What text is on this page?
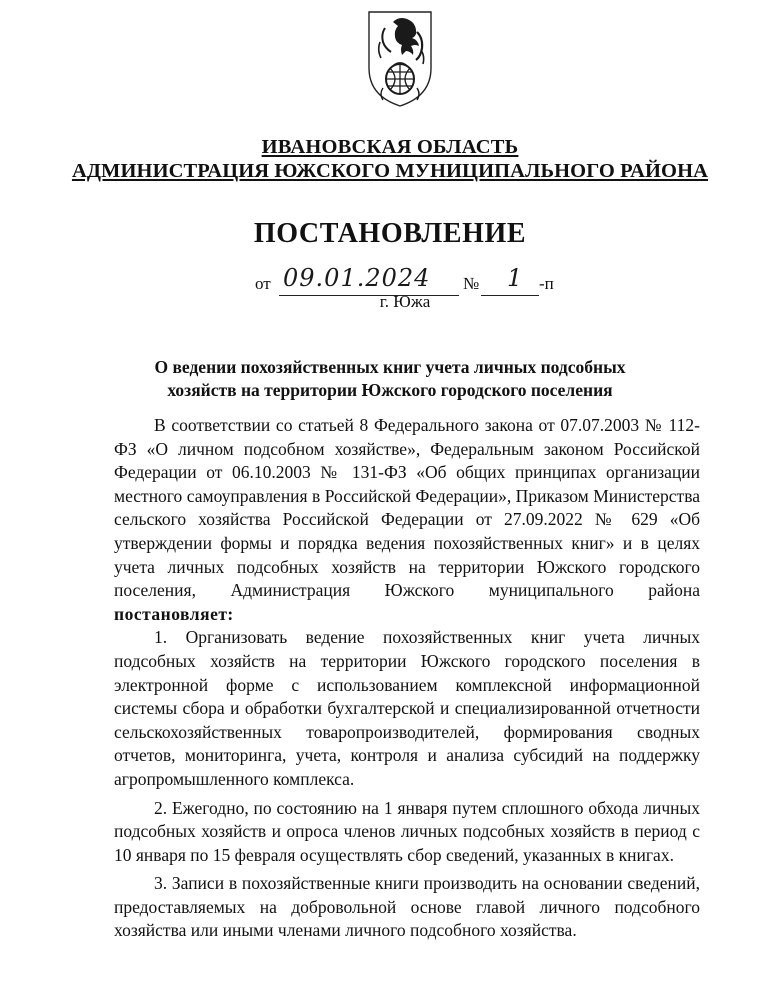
ИВАНОВСКАЯ ОБЛАСТЬ
АДМИНИСТРАЦИЯ ЮЖСКОГО МУНИЦИПАЛЬНОГО РАЙОНА
ПОСТАНОВЛЕНИЕ
от 09.01.2024 № 1 -п
г. Южа
О ведении похозяйственных книг учета личных подсобных
хозяйств на территории Южского городского поселения

В соответствии со статьей 8 Федерального закона от 07.07.2003 № 112-ФЗ «О личном подсобном хозяйстве», Федеральным законом Российской Федерации от 06.10.2003 № 131-ФЗ «Об общих принципах организации местного самоуправления в Российской Федерации», Приказом Министерства сельского хозяйства Российской Федерации от 27.09.2022 № 629 «Об утверждении формы и порядка ведения похозяйственных книг» и в целях учета личных подсобных хозяйств на территории Южского городского поселения, Администрация Южского муниципального района постановляет:

1. Организовать ведение похозяйственных книг учета личных подсобных хозяйств на территории Южского городского поселения в электронной форме с использованием комплексной информационной системы сбора и обработки бухгалтерской и специализированной отчетности сельскохозяйственных товаропроизводителей, формирования сводных отчетов, мониторинга, учета, контроля и анализа субсидий на поддержку агропромышленного комплекса.

2. Ежегодно, по состоянию на 1 января путем сплошного обхода личных подсобных хозяйств и опроса членов личных подсобных хозяйств в период с 10 января по 15 февраля осуществлять сбор сведений, указанных в книгах.

3. Записи в похозяйственные книги производить на основании сведений, предоставляемых на добровольной основе главой личного подсобного хозяйства или иными членами личного подсобного хозяйства.
